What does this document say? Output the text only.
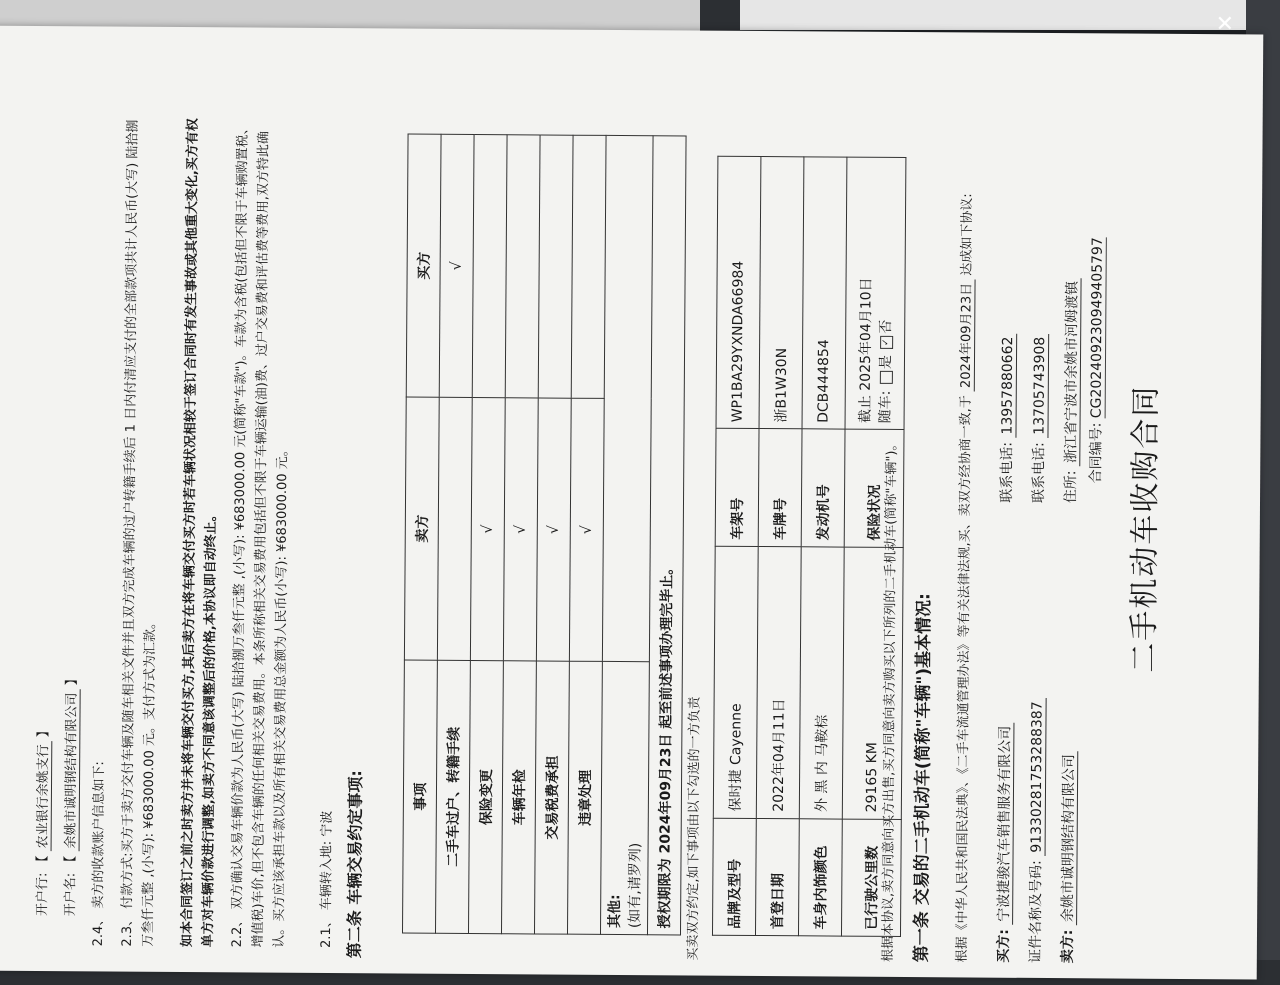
✕
二手机动车收购合同
合同编号: CG202409230949405797
卖方: 余姚市诚明钢结构有限公司
住所: 浙江省宁波市余姚市河姆渡镇
证件名称及号码: 91330281753288387
联系电话: 13705743908
买方: 宁波捷骏汽车销售服务有限公司
联系电话: 13957880662
根据《中华人民共和国民法典》、《二手车流通管理办法》等有关法律法规,买、卖双方经协商一致,于 2024年09月23日 达成如下协议:
第一条 交易的二手机动车(简称"车辆")基本情况:
根据本协议,卖方同意向买方出售,买方同意向卖方购买以下所列的二手机动车(简称"车辆")。
品牌及型号	保时捷 Cayenne	车架号	WP1BA29YXNDA66984
首登日期	2022年04月11日	车牌号	浙B1W30N
车身内饰颜色	外 黑 内 马鞍棕	发动机号	DCB444854
已行驶公里数	29165 KM	保险状况	截止 2025年04月10日 随车: 是 ✓否
买卖双方约定,如下事项由以下勾选的一方负责
事项	卖方	买方
二手车过户、转籍手续		√
保险变更	√	
车辆年检	√	
交易税费承担	√	
违章处理	√	

其他: (如有,请罗列)		

授权期限为 2024年09月23日 起至前述事项办理完毕止。		
第二条 车辆交易约定事项:
2.1、 车辆转入地: 宁波
2.2、 双方确认交易车辆价款为人民币(大写) 陆拾捌万叁仟元整 ,(小写): ¥683000.00 元(简称"车款")。车款为含税(包括但不限于车辆购置税、增值税)车价,但不包含车辆的任何相关交易费用。本条所称相关交易费用包括但不限于车辆运输(油)费、过户交易费和评估费等费用,双方特此确认。买方应该承担车款以及所有相关交易费用总金额为人民币(小写): ¥683000.00 元。
如本合同签订之前之时卖方并未将车辆交付买方,其后卖方在将车辆交付买方时若车辆状况相较于签订合同时有发生事故或其他重大变化,买方有权单方对车辆价款进行调整,如卖方不同意该调整后的价格,本协议即自动终止。
2.3、 付款方式:买方于卖方交付车辆及随车相关文件并且双方完成车辆的过户转籍手续后 1 日内付清应支付的全部款项共计人民币(大写) 陆拾捌万叁仟元整 ,(小写): ¥683000.00 元。支付方式为汇款。
2.4、 卖方的收款账户信息如下:
开户名: 【 余姚市诚明钢结构有限公司 】
开户行: 【 农业银行余姚支行 】
